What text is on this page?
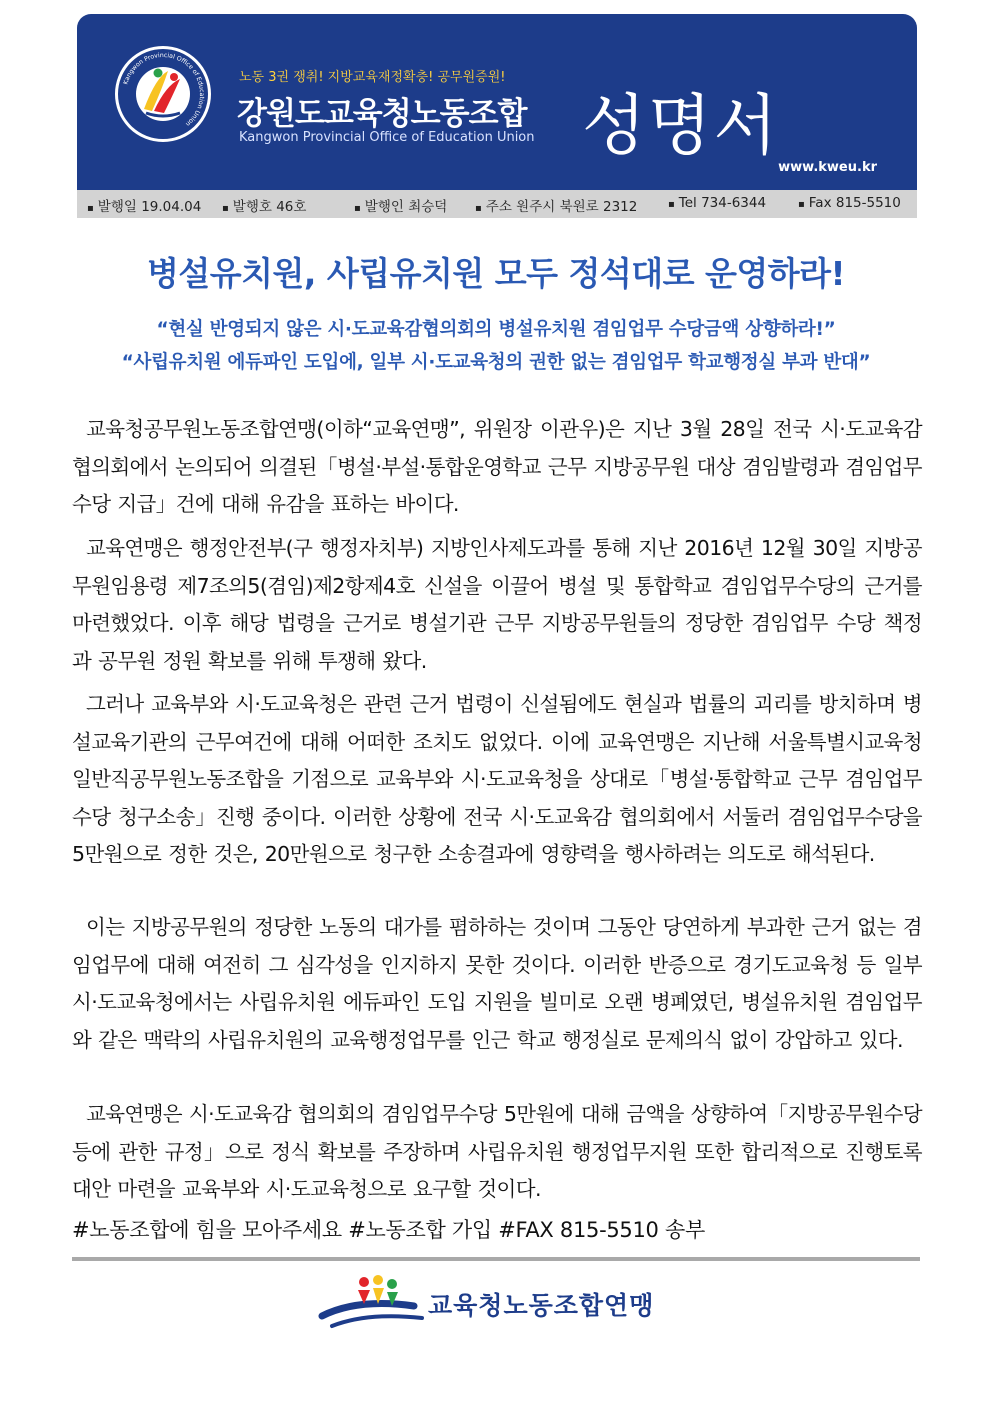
Kangwon Provincial Office of Education Union
노동 3권 쟁취! 지방교육재정확충! 공무원증원!
강원도교육청노동조합
Kangwon Provincial Office of Education Union 성명서
www.kweu.kr
▪ 발행일 19.04.04 ▪ 발행호 46호	▪ 발행인 최승덕	▪ 주소 원주시 북원로 2312	▪ Tel 734-6344	▪ Fax 815-5510
병설유치원, 사립유치원 모두 정석대로 운영하라!
“현실 반영되지 않은 시·도교육감협의회의 병설유치원 겸임업무 수당금액 상향하라!”
“사립유치원 에듀파인 도입에, 일부 시·도교육청의 권한 없는 겸임업무 학교행정실 부과 반대”
교육청공무원노동조합연맹(이하“교육연맹”, 위원장 이관우)은 지난 3월 28일 전국 시·도교육감 협의회에서 논의되어 의결된「병설·부설·통합운영학교 근무 지방공무원 대상 겸임발령과 겸임업무 수당 지급」건에 대해 유감을 표하는 바이다.
교육연맹은 행정안전부(구 행정자치부) 지방인사제도과를 통해 지난 2016년 12월 30일 지방공무원임용령 제7조의5(겸임)제2항제4호 신설을 이끌어 병설 및 통합학교 겸임업무수당의 근거를 마련했었다. 이후 해당 법령을 근거로 병설기관 근무 지방공무원들의 정당한 겸임업무 수당 책정과 공무원 정원 확보를 위해 투쟁해 왔다.
그러나 교육부와 시·도교육청은 관련 근거 법령이 신설됨에도 현실과 법률의 괴리를 방치하며 병설교육기관의 근무여건에 대해 어떠한 조치도 없었다. 이에 교육연맹은 지난해 서울특별시교육청일반직공무원노동조합을 기점으로 교육부와 시·도교육청을 상대로「병설·통합학교 근무 겸임업무수당 청구소송」진행 중이다. 이러한 상황에 전국 시·도교육감 협의회에서 서둘러 겸임업무수당을 5만원으로 정한 것은, 20만원으로 청구한 소송결과에 영향력을 행사하려는 의도로 해석된다.
이는 지방공무원의 정당한 노동의 대가를 폄하하는 것이며 그동안 당연하게 부과한 근거 없는 겸임업무에 대해 여전히 그 심각성을 인지하지 못한 것이다. 이러한 반증으로 경기도교육청 등 일부 시·도교육청에서는 사립유치원 에듀파인 도입 지원을 빌미로 오랜 병폐였던, 병설유치원 겸임업무와 같은 맥락의 사립유치원의 교육행정업무를 인근 학교 행정실로 문제의식 없이 강압하고 있다.
교육연맹은 시·도교육감 협의회의 겸임업무수당 5만원에 대해 금액을 상향하여「지방공무원수당등에 관한 규정」으로 정식 확보를 주장하며 사립유치원 행정업무지원 또한 합리적으로 진행토록 대안 마련을 교육부와 시·도교육청으로 요구할 것이다.
#노동조합에 힘을 모아주세요 #노동조합 가입 #FAX 815-5510 송부
교육청노동조합연맹
